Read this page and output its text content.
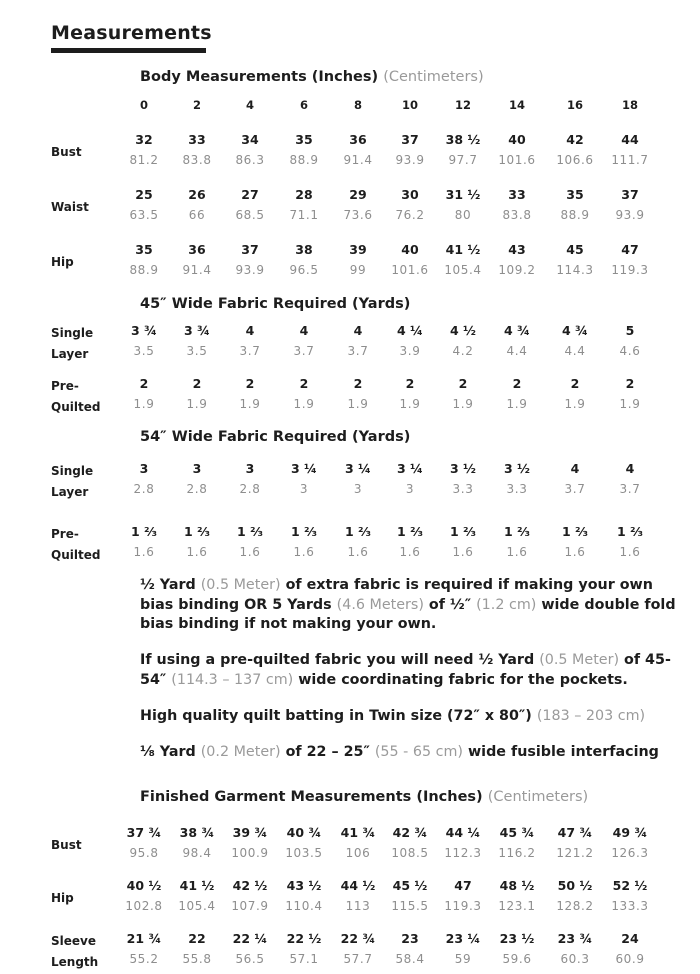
Measurements
Body Measurements (Inches) (Centimeters)
0	2	4	6	8	10	12	14	16	18
Bust
32	33	34	35	36	37	38 ½	40	42	44
81.2	83.8	86.3	88.9	91.4	93.9	97.7	101.6	106.6	111.7
Waist
25	26	27	28	29	30	31 ½	33	35	37
63.5	66	68.5	71.1	73.6	76.2	80	83.8	88.9	93.9
Hip
35	36	37	38	39	40	41 ½	43	45	47
88.9	91.4	93.9	96.5	99	101.6	105.4	109.2	114.3	119.3
45″ Wide Fabric Required (Yards)
Single
Layer
3 ¾	3 ¾	4	4	4	4 ¼	4 ½	4 ¾	4 ¾	5
3.5	3.5	3.7	3.7	3.7	3.9	4.2	4.4	4.4	4.6
Pre-
Quilted
2	2	2	2	2	2	2	2	2	2
1.9	1.9	1.9	1.9	1.9	1.9	1.9	1.9	1.9	1.9
54″ Wide Fabric Required (Yards)
Single
Layer
3	3	3	3 ¼	3 ¼	3 ¼	3 ½	3 ½	4	4
2.8	2.8	2.8	3	3	3	3.3	3.3	3.7	3.7
Pre-
Quilted
1 ⅔	1 ⅔	1 ⅔	1 ⅔	1 ⅔	1 ⅔	1 ⅔	1 ⅔	1 ⅔	1 ⅔
1.6	1.6	1.6	1.6	1.6	1.6	1.6	1.6	1.6	1.6
½ Yard (0.5 Meter) of extra fabric is required if making your own bias binding OR 5 Yards (4.6 Meters) of ½″ (1.2 cm) wide double fold bias binding if not making your own.
If using a pre-quilted fabric you will need ½ Yard (0.5 Meter) of 45-54″ (114.3 – 137 cm) wide coordinating fabric for the pockets.
High quality quilt batting in Twin size (72″ x 80″) (183 – 203 cm)
⅛ Yard (0.2 Meter) of 22 – 25″ (55 - 65 cm) wide fusible interfacing
Finished Garment Measurements (Inches) (Centimeters)
Bust
37 ¾	38 ¾	39 ¾	40 ¾	41 ¾	42 ¾	44 ¼	45 ¾	47 ¾	49 ¾
95.8	98.4	100.9	103.5	106	108.5	112.3	116.2	121.2	126.3
Hip
40 ½	41 ½	42 ½	43 ½	44 ½	45 ½	47	48 ½	50 ½	52 ½
102.8	105.4	107.9	110.4	113	115.5	119.3	123.1	128.2	133.3
Sleeve
Length
21 ¾	22	22 ¼	22 ½	22 ¾	23	23 ¼	23 ½	23 ¾	24
55.2	55.8	56.5	57.1	57.7	58.4	59	59.6	60.3	60.9
